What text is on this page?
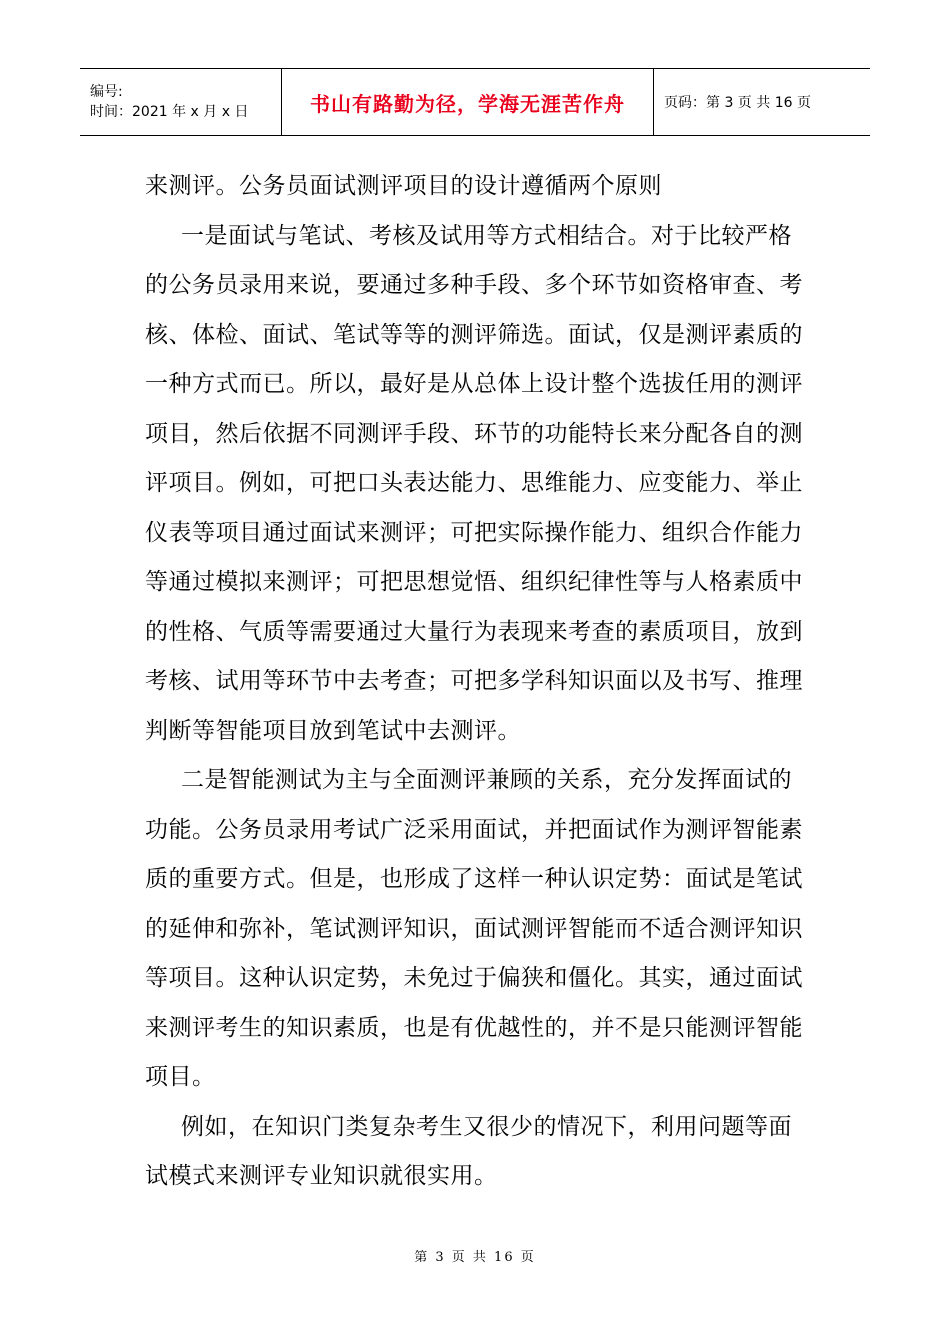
编号:
时间：2021 年 x 月 x 日	书山有路勤为径，学海无涯苦作舟	页码：第 3 页 共 16 页

来测评。公务员面试测评项目的设计遵循两个原则

一是面试与笔试、考核及试用等方式相结合。对于比较严格的公务员录用来说，要通过多种手段、多个环节如资格审查、考核、体检、面试、笔试等等的测评筛选。面试，仅是测评素质的一种方式而已。所以，最好是从总体上设计整个选拔任用的测评项目，然后依据不同测评手段、环节的功能特长来分配各自的测评项目。例如，可把口头表达能力、思维能力、应变能力、举止仪表等项目通过面试来测评；可把实际操作能力、组织合作能力等通过模拟来测评；可把思想觉悟、组织纪律性等与人格素质中的性格、气质等需要通过大量行为表现来考查的素质项目，放到考核、试用等环节中去考查；可把多学科知识面以及书写、推理判断等智能项目放到笔试中去测评。

二是智能测试为主与全面测评兼顾的关系，充分发挥面试的功能。公务员录用考试广泛采用面试，并把面试作为测评智能素质的重要方式。但是，也形成了这样一种认识定势：面试是笔试的延伸和弥补，笔试测评知识，面试测评智能而不适合测评知识等项目。这种认识定势，未免过于偏狭和僵化。其实，通过面试来测评考生的知识素质，也是有优越性的，并不是只能测评智能项目。

例如，在知识门类复杂考生又很少的情况下，利用问题等面试模式来测评专业知识就很实用。

第 3 页 共 16 页
